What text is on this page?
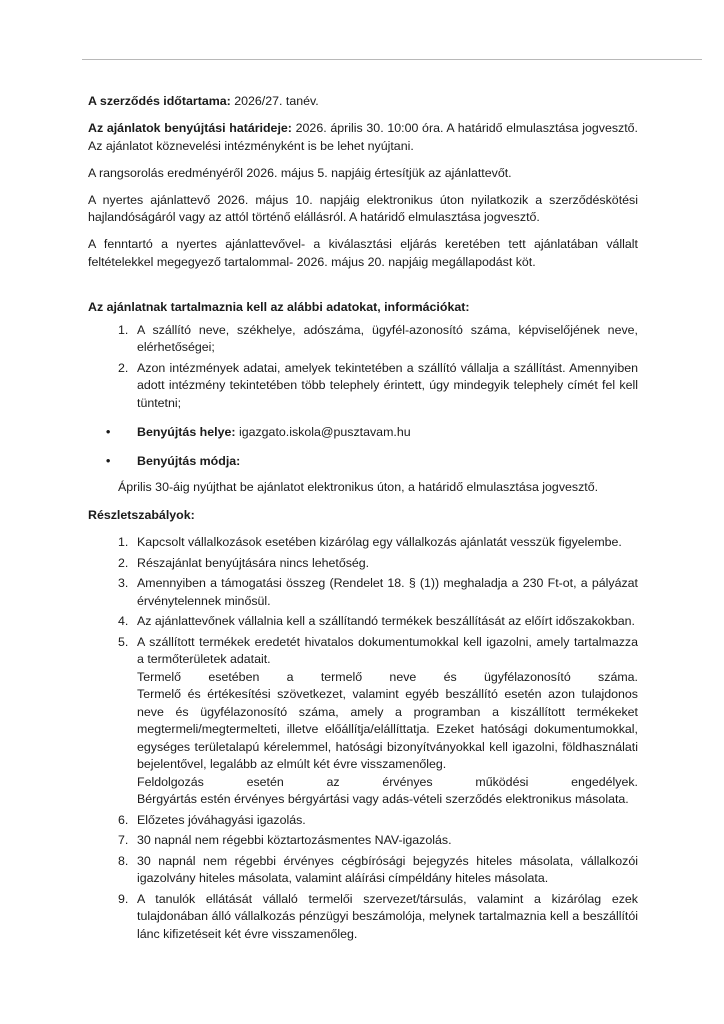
A szerződés időtartama: 2026/27. tanév.

Az ajánlatok benyújtási határideje: 2026. április 30. 10:00 óra. A határidő elmulasztása jogvesztő. Az ajánlatot köznevelési intézményként is be lehet nyújtani.

A rangsorolás eredményéről 2026. május 5. napjáig értesítjük az ajánlattevőt.

A nyertes ajánlattevő 2026. május 10. napjáig elektronikus úton nyilatkozik a szerződéskötési hajlandóságáról vagy az attól történő elállásról. A határidő elmulasztása jogvesztő.

A fenntartó a nyertes ajánlattevővel- a kiválasztási eljárás keretében tett ajánlatában vállalt feltételekkel megegyező tartalommal- 2026. május 20. napjáig megállapodást köt.

Az ajánlatnak tartalmaznia kell az alábbi adatokat, információkat:
1. A szállító neve, székhelye, adószáma, ügyfél-azonosító száma, képviselőjének neve, elérhetőségei;
2. Azon intézmények adatai, amelyek tekintetében a szállító vállalja a szállítást. Amennyiben adott intézmény tekintetében több telephely érintett, úgy mindegyik telephely címét fel kell tüntetni;
• Benyújtás helye: igazgato.iskola@pusztavam.hu
• Benyújtás módja:

Április 30-áig nyújthat be ajánlatot elektronikus úton, a határidő elmulasztása jogvesztő.

Részletszabályok:
1. Kapcsolt vállalkozások esetében kizárólag egy vállalkozás ajánlatát vesszük figyelembe.
2. Részajánlat benyújtására nincs lehetőség.
3. Amennyiben a támogatási összeg (Rendelet 18. § (1)) meghaladja a 230 Ft-ot, a pályázat érvénytelennek minősül.
4. Az ajánlattevőnek vállalnia kell a szállítandó termékek beszállítását az előírt időszakokban.
5. A szállított termékek eredetét hivatalos dokumentumokkal kell igazolni, amely tartalmazza a termőterületek adatait.
Termelő esetében a termelő neve és ügyfélazonosító száma.
Termelő és értékesítési szövetkezet, valamint egyéb beszállító esetén azon tulajdonos neve és ügyfélazonosító száma, amely a programban a kiszállított termékeket megtermeli/megtermelteti, illetve előállítja/elállíttatja. Ezeket hatósági dokumentumokkal, egységes területalapú kérelemmel, hatósági bizonyítványokkal kell igazolni, földhasználati bejelentővel, legalább az elmúlt két évre visszamenőleg.
Feldolgozás esetén az érvényes működési engedélyek.
Bérgyártás estén érvényes bérgyártási vagy adás-vételi szerződés elektronikus másolata.
6. Előzetes jóváhagyási igazolás.
7. 30 napnál nem régebbi köztartozásmentes NAV-igazolás.
8. 30 napnál nem régebbi érvényes cégbírósági bejegyzés hiteles másolata, vállalkozói igazolvány hiteles másolata, valamint aláírási címpéldány hiteles másolata.
9. A tanulók ellátását vállaló termelői szervezet/társulás, valamint a kizárólag ezek tulajdonában álló vállalkozás pénzügyi beszámolója, melynek tartalmaznia kell a beszállítói lánc kifizetéseit két évre visszamenőleg.
